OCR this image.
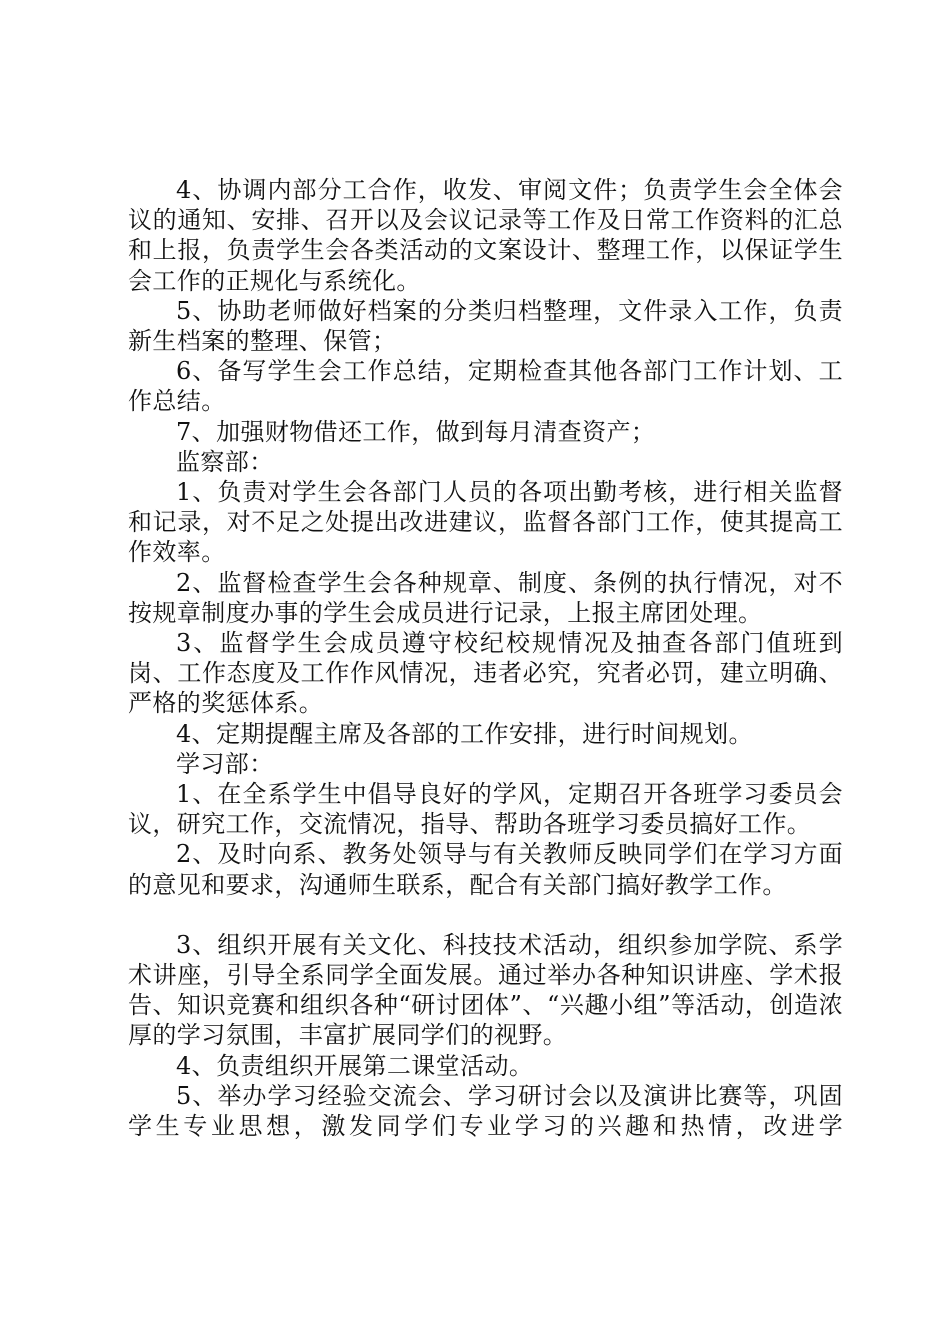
4、协调内部分工合作，收发、审阅文件；负责学生会全体会议的通知、安排、召开以及会议记录等工作及日常工作资料的汇总和上报，负责学生会各类活动的文案设计、整理工作，以保证学生会工作的正规化与系统化。

5、协助老师做好档案的分类归档整理，文件录入工作，负责新生档案的整理、保管；

6、备写学生会工作总结，定期检查其他各部门工作计划、工作总结。

7、加强财物借还工作，做到每月清查资产；

监察部：

1、负责对学生会各部门人员的各项出勤考核，进行相关监督和记录，对不足之处提出改进建议，监督各部门工作，使其提高工作效率。

2、监督检查学生会各种规章、制度、条例的执行情况，对不按规章制度办事的学生会成员进行记录，上报主席团处理。

3、监督学生会成员遵守校纪校规情况及抽查各部门值班到岗、工作态度及工作作风情况，违者必究，究者必罚，建立明确、严格的奖惩体系。

4、定期提醒主席及各部的工作安排，进行时间规划。

学习部：

1、在全系学生中倡导良好的学风，定期召开各班学习委员会议，研究工作，交流情况，指导、帮助各班学习委员搞好工作。

2、及时向系、教务处领导与有关教师反映同学们在学习方面的意见和要求，沟通师生联系，配合有关部门搞好教学工作。

3、组织开展有关文化、科技技术活动，组织参加学院、系学术讲座，引导全系同学全面发展。通过举办各种知识讲座、学术报告、知识竞赛和组织各种“研讨团体”、“兴趣小组”等活动，创造浓厚的学习氛围，丰富扩展同学们的视野。

4、负责组织开展第二课堂活动。

5、举办学习经验交流会、学习研讨会以及演讲比赛等，巩固学生专业思想，激发同学们专业学习的兴趣和热情，改进学
